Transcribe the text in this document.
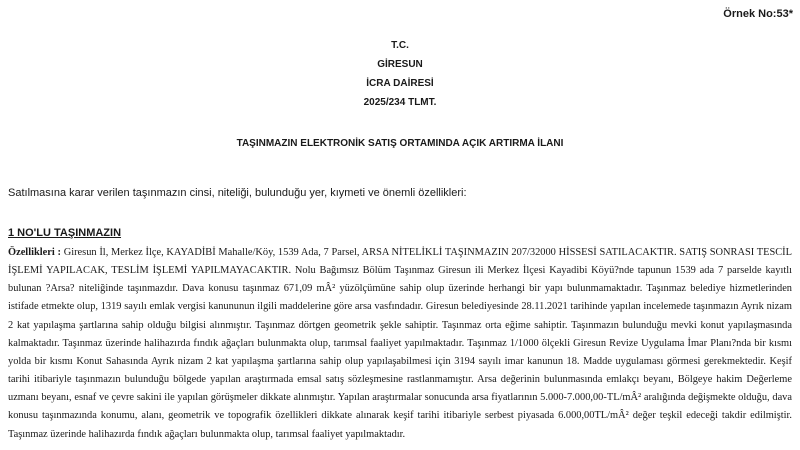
Örnek No:53*
T.C.
GİRESUN
İCRA DAİRESİ
2025/234 TLMT.
TAŞINMAZIN ELEKTRONİK SATIŞ ORTAMINDA AÇIK ARTIRMA İLANI
Satılmasına karar verilen taşınmazın cinsi, niteliği, bulunduğu yer, kıymeti ve önemli özellikleri:
1 NO'LU TAŞINMAZIN
Özellikleri : Giresun İl, Merkez İlçe, KAYADİBİ Mahalle/Köy, 1539 Ada, 7 Parsel, ARSA NİTELİKLİ TAŞINMAZIN 207/32000 HİSSESİ SATILACAKTIR. SATIŞ SONRASI TESCİL İŞLEMİ YAPILACAK, TESLİM İŞLEMİ YAPILMAYACAKTIR. Nolu Bağımsız Bölüm Taşınmaz Giresun ili Merkez İlçesi Kayadibi Köyü?nde tapunun 1539 ada 7 parselde kayıtlı bulunan ?Arsa? niteliğinde taşınmazdır. Dava konusu taşınmaz 671,09 mÂ² yüzölçümüne sahip olup üzerinde herhangi bir yapı bulunmamaktadır. Taşınmaz belediye hizmetlerinden istifade etmekte olup, 1319 sayılı emlak vergisi kanununun ilgili maddelerine göre arsa vasfındadır. Giresun belediyesinde 28.11.2021 tarihinde yapılan incelemede taşınmazın Ayrık nizam 2 kat yapılaşma şartlarına sahip olduğu bilgisi alınmıştır. Taşınmaz dörtgen geometrik şekle sahiptir. Taşınmaz orta eğime sahiptir. Taşınmazın bulunduğu mevki konut yapılaşmasında kalmaktadır. Taşınmaz üzerinde halihazırda fındık ağaçları bulunmakta olup, tarımsal faaliyet yapılmaktadır. Taşınmaz 1/1000 ölçekli Giresun Revize Uygulama İmar Planı?nda bir kısmı yolda bir kısmı Konut Sahasında Ayrık nizam 2 kat yapılaşma şartlarına sahip olup yapılaşabilmesi için 3194 sayılı imar kanunun 18. Madde uygulaması görmesi gerekmektedir. Keşif tarihi itibariyle taşınmazın bulunduğu bölgede yapılan araştırmada emsal satış sözleşmesine rastlanmamıştır. Arsa değerinin bulunmasında emlakçı beyanı, Bölgeye hakim Değerleme uzmanı beyanı, esnaf ve çevre sakini ile yapılan görüşmeler dikkate alınmıştır. Yapılan araştırmalar sonucunda arsa fiyatlarının 5.000-7.000,00-TL/mÂ² aralığında değişmekte olduğu, dava konusu taşınmazında konumu, alanı, geometrik ve topografik özellikleri dikkate alınarak keşif tarihi itibariyle serbest piyasada 6.000,00TL/mÂ² değer teşkil edeceği takdir edilmiştir. Taşınmaz üzerinde halihazırda fındık ağaçları bulunmakta olup, tarımsal faaliyet yapılmaktadır.
